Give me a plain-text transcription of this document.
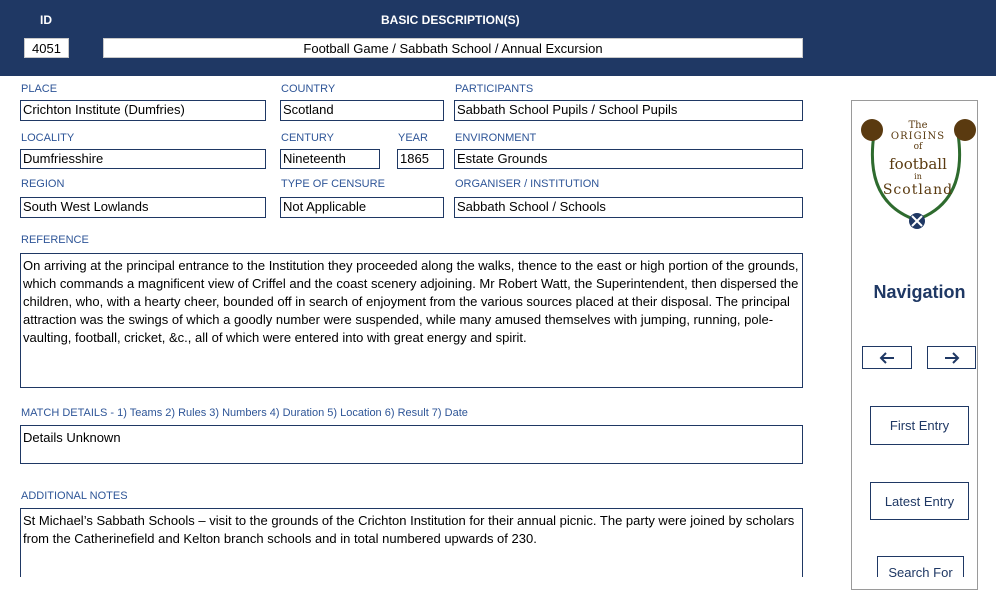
ID	BASIC DESCRIPTION(S)
4051	Football Game / Sabbath School / Annual Excursion
PLACE
Crichton Institute (Dumfries)
COUNTRY
Scotland
PARTICIPANTS
Sabbath School Pupils / School Pupils
LOCALITY
Dumfriesshire
CENTURY
Nineteenth
YEAR
1865
ENVIRONMENT
Estate Grounds
REGION
South West Lowlands
TYPE OF CENSURE
Not Applicable
ORGANISER / INSTITUTION
Sabbath School / Schools
REFERENCE
On arriving at the principal entrance to the Institution they proceeded along the walks, thence to the east or high portion of the grounds, which commands a magnificent view of Criffel and the coast scenery adjoining. Mr Robert Watt, the Superintendent, then dispersed the children, who, with a hearty cheer, bounded off in search of enjoyment from the various sources placed at their disposal. The principal attraction was the swings of which a goodly number were suspended, while many amused themselves with jumping, running, pole-vaulting, football, cricket, &c., all of which were entered into with great energy and spirit.
MATCH DETAILS - 1) Teams 2) Rules 3) Numbers 4) Duration 5) Location 6) Result 7) Date
Details Unknown
ADDITIONAL NOTES
St Michael’s Sabbath Schools – visit to the grounds of the Crichton Institution for their annual picnic. The party were joined by scholars from the Catherinefield and Kelton branch schools and in total numbered upwards of 230.
The
ORIGINS
of
football
in
Scotland
Navigation
First Entry
Latest Entry
Search For
